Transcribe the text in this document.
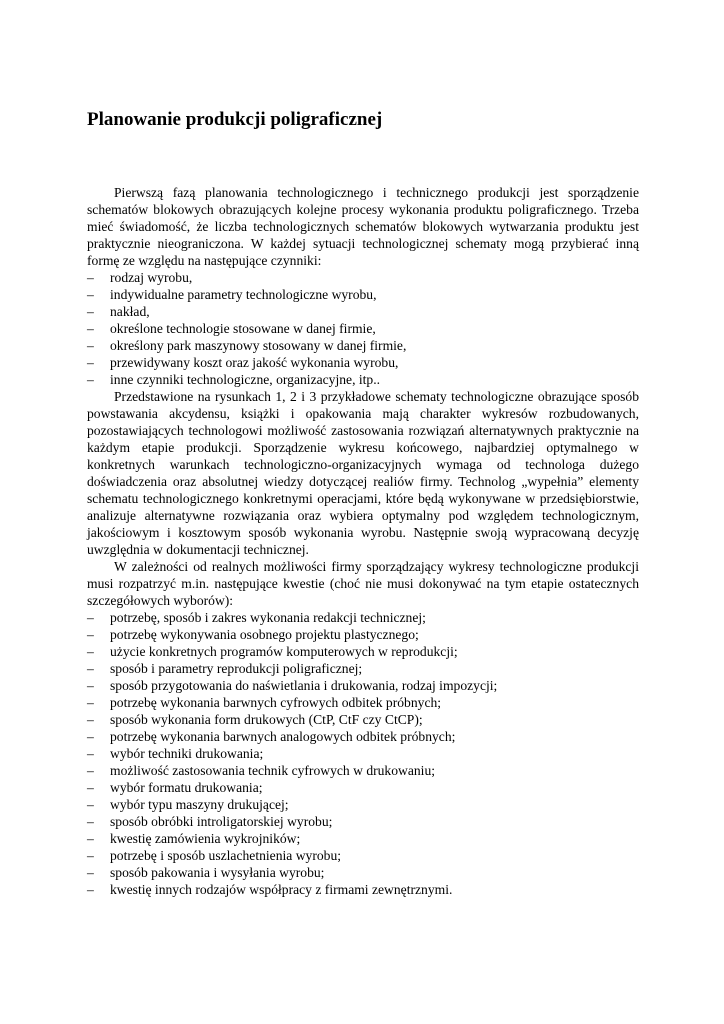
Planowanie produkcji poligraficznej

Pierwszą fazą planowania technologicznego i technicznego produkcji jest sporządzenie schematów blokowych obrazujących kolejne procesy wykonania produktu poligraficznego. Trzeba mieć świadomość, że liczba technologicznych schematów blokowych wytwarzania produktu jest praktycznie nieograniczona. W każdej sytuacji technologicznej schematy mogą przybierać inną formę ze względu na następujące czynniki:

– rodzaj wyrobu,
– indywidualne parametry technologiczne wyrobu,
– nakład,
– określone technologie stosowane w danej firmie,
– określony park maszynowy stosowany w danej firmie,
– przewidywany koszt oraz jakość wykonania wyrobu,
– inne czynniki technologiczne, organizacyjne, itp..

Przedstawione na rysunkach 1, 2 i 3 przykładowe schematy technologiczne obrazujące sposób powstawania akcydensu, książki i opakowania mają charakter wykresów rozbudowanych, pozostawiających technologowi możliwość zastosowania rozwiązań alternatywnych praktycznie na każdym etapie produkcji. Sporządzenie wykresu końcowego, najbardziej optymalnego w konkretnych warunkach technologiczno-organizacyjnych wymaga od technologa dużego doświadczenia oraz absolutnej wiedzy dotyczącej realiów firmy. Technolog „wypełnia” elementy schematu technologicznego konkretnymi operacjami, które będą wykonywane w przedsiębiorstwie, analizuje alternatywne rozwiązania oraz wybiera optymalny pod względem technologicznym, jakościowym i kosztowym sposób wykonania wyrobu. Następnie swoją wypracowaną decyzję uwzględnia w dokumentacji technicznej.

W zależności od realnych możliwości firmy sporządzający wykresy technologiczne produkcji musi rozpatrzyć m.in. następujące kwestie (choć nie musi dokonywać na tym etapie ostatecznych szczegółowych wyborów):

– potrzebę, sposób i zakres wykonania redakcji technicznej;
– potrzebę wykonywania osobnego projektu plastycznego;
– użycie konkretnych programów komputerowych w reprodukcji;
– sposób i parametry reprodukcji poligraficznej;
– sposób przygotowania do naświetlania i drukowania, rodzaj impozycji;
– potrzebę wykonania barwnych cyfrowych odbitek próbnych;
– sposób wykonania form drukowych (CtP, CtF czy CtCP);
– potrzebę wykonania barwnych analogowych odbitek próbnych;
– wybór techniki drukowania;
– możliwość zastosowania technik cyfrowych w drukowaniu;
– wybór formatu drukowania;
– wybór typu maszyny drukującej;
– sposób obróbki introligatorskiej wyrobu;
– kwestię zamówienia wykrojników;
– potrzebę i sposób uszlachetnienia wyrobu;
– sposób pakowania i wysyłania wyrobu;
– kwestię innych rodzajów współpracy z firmami zewnętrznymi.
